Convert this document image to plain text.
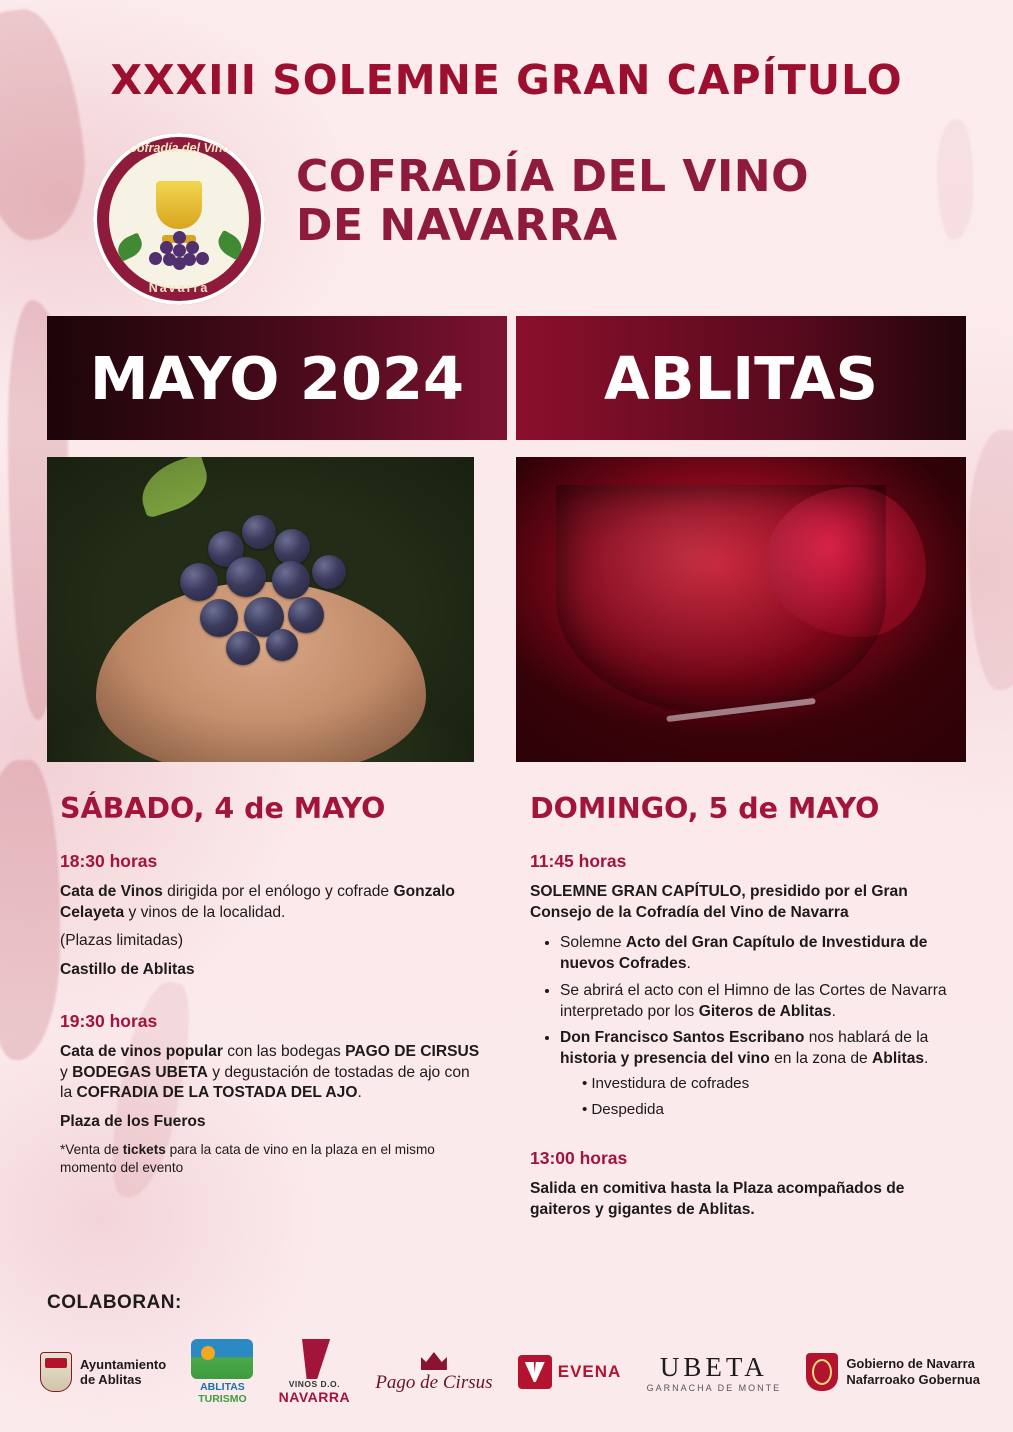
XXXIII SOLEMNE GRAN CAPÍTULO
Cofradía del Vino
Navarra
COFRADÍA DEL VINO
DE NAVARRA
MAYO 2024	ABLITAS
SÁBADO, 4 de MAYO
18:30 horas

Cata de Vinos dirigida por el enólogo y cofrade Gonzalo Celayeta y vinos de la localidad.

(Plazas limitadas)

Castillo de Ablitas

19:30 horas

Cata de vinos popular con las bodegas PAGO DE CIRSUS y BODEGAS UBETA y degustación de tostadas de ajo con la COFRADIA DE LA TOSTADA DEL AJO.

Plaza de los Fueros

*Venta de tickets para la cata de vino en la plaza en el mismo momento del evento

DOMINGO, 5 de MAYO
11:45 horas

SOLEMNE GRAN CAPÍTULO, presidido por el Gran Consejo de la Cofradía del Vino de Navarra

• Solemne Acto del Gran Capítulo de Investidura de nuevos Cofrades.
• Se abrirá el acto con el Himno de las Cortes de Navarra interpretado por los Giteros de Ablitas.
• Don Francisco Santos Escribano nos hablará de la historia y presencia del vino en la zona de Ablitas.
• Investidura de cofrades
• Despedida
13:00 horas

Salida en comitiva hasta la Plaza acompañados de gaiteros y gigantes de Ablitas.

COLABORAN:
Ayuntamiento
de Ablitas	ABLITAS
TURISMO
VINOS D.O.
NAVARRA
Pago de Cirsus
EVENA	UBETA
GARNACHA DE MONTE
Gobierno de Navarra
Nafarroako Gobernua
